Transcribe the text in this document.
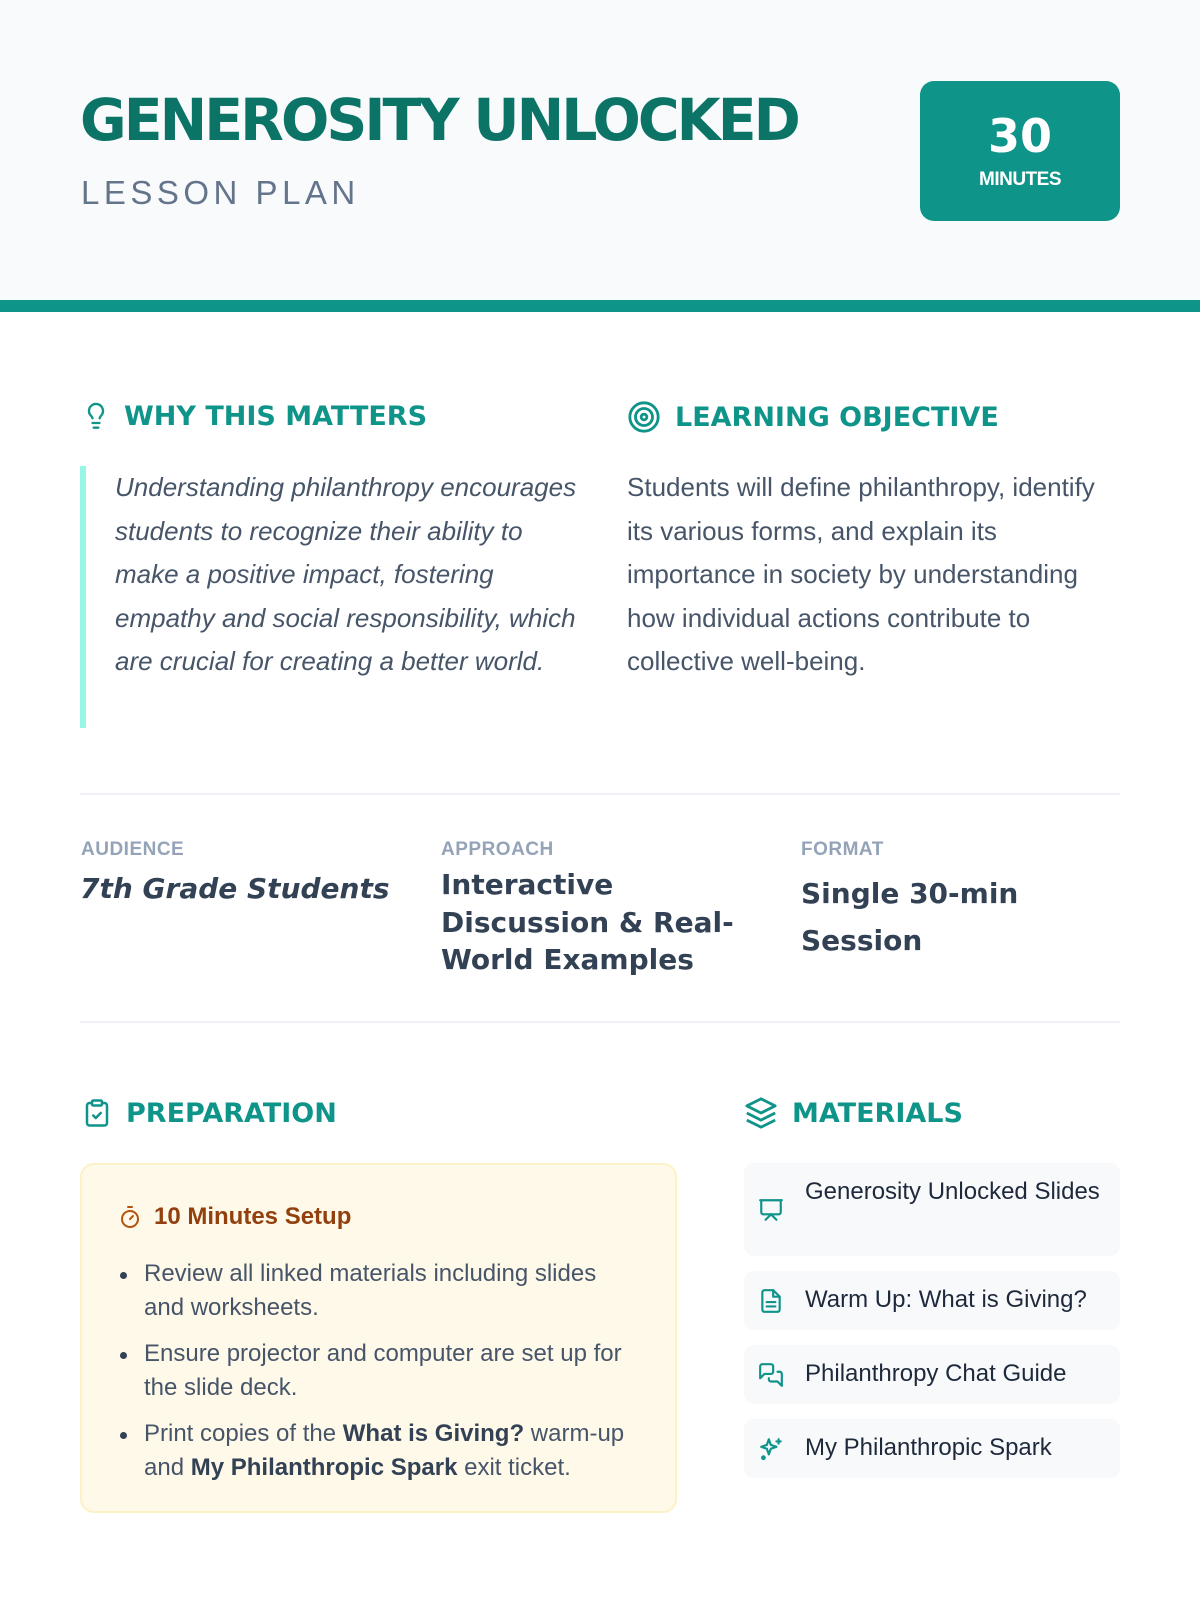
GENEROSITY UNLOCKED
LESSON PLAN
30
MINUTES
WHY THIS MATTERS
Understanding philanthropy encourages students to recognize their ability to make a positive impact, fostering empathy and social responsibility, which are crucial for creating a better world.
LEARNING OBJECTIVE
Students will define philanthropy, identify its various forms, and explain its importance in society by understanding how individual actions contribute to collective well-being.
AUDIENCE
7th Grade Students
APPROACH
Interactive Discussion & Real-World Examples
FORMAT
Single 30-min Session
PREPARATION
10 Minutes Setup
Review all linked materials including slides and worksheets.
Ensure projector and computer are set up for the slide deck.
Print copies of the What is Giving? warm-up and My Philanthropic Spark exit ticket.
MATERIALS
Generosity Unlocked Slides
Warm Up: What is Giving?
Philanthropy Chat Guide
My Philanthropic Spark
